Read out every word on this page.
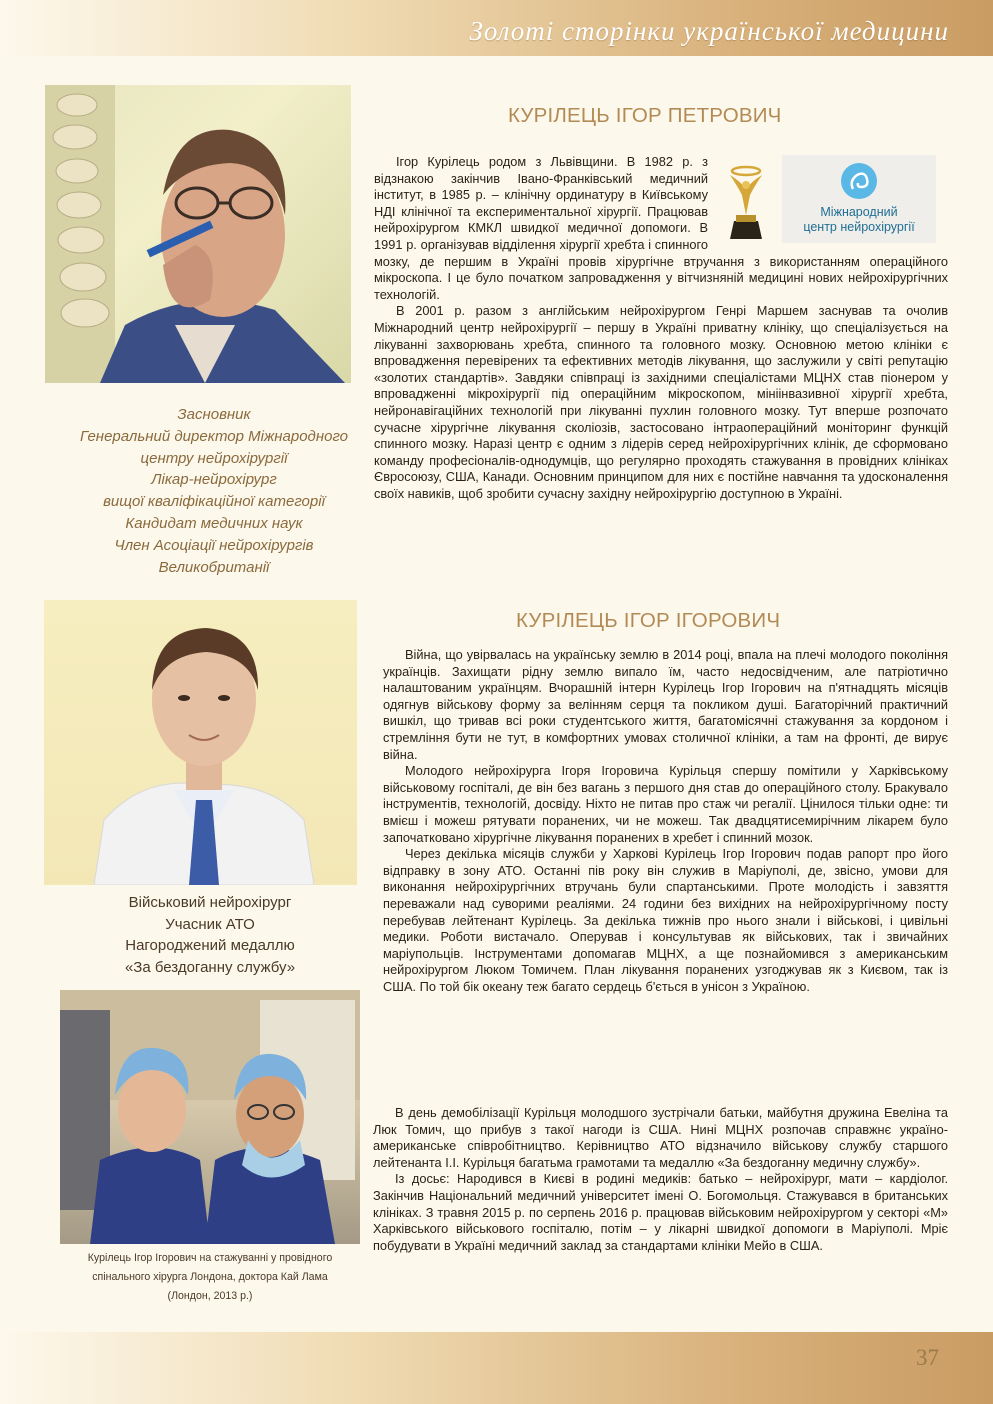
Золоті сторінки української медицини
Засновник
Генеральний директор Міжнародного
центру нейрохірургії
Лікар-нейрохірург
вищої кваліфікаційної категорії
Кандидат медичних наук
Член Асоціації нейрохірургів
Великобританії
Військовий нейрохірург
Учасник АТО
Нагороджений медаллю
«За бездоганну службу»
Курілець Ігор Ігорович на стажуванні у провідного
спінального хірурга Лондона, доктора Кай Лама
(Лондон, 2013 р.)
КУРІЛЕЦЬ ІГОР ПЕТРОВИЧ
Міжнародний
центр нейрохірургії

Ігор Курілець родом з Львівщини. В 1982 р. з відзнакою закінчив Івано-Франківський медичний інститут, в 1985 р. – клінічну ординатуру в Київському НДІ клінічної та експериментальної хірургії. Працював нейрохірургом КМКЛ швидкої медичної допомоги. В 1991 р. організував відділення хірургії хребта і спинного мозку, де першим в Україні провів хірургічне втручання з використанням операційного мікроскопа. І це було початком запровадження у вітчизняній медицині нових нейрохірургічних технологій.

В 2001 р. разом з англійським нейрохірургом Генрі Маршем заснував та очолив Міжнародний центр нейрохірургії – першу в Україні приватну клініку, що спеціалізується на лікуванні захворювань хребта, спинного та головного мозку. Основною метою клініки є впровадження перевірених та ефективних методів лікування, що заслужили у світі репутацію «золотих стандартів». Завдяки співпраці із західними спеціалістами МЦНХ став піонером у впровадженні мікрохірургії під операційним мікроскопом, мініінвазивної хірургії хребта, нейронавігаційних технологій при лікуванні пухлин головного мозку. Тут вперше розпочато сучасне хірургічне лікування сколіозів, застосовано інтраопераційний моніторинг функцій спинного мозку. Наразі центр є одним з лідерів серед нейрохірургічних клінік, де сформовано команду професіоналів-однодумців, що регулярно проходять стажування в провідних клініках Євросоюзу, США, Канади. Основним принципом для них є постійне навчання та удосконалення своїх навиків, щоб зробити сучасну західну нейрохірургію доступною в Україні.

КУРІЛЕЦЬ ІГОР ІГОРОВИЧ

Війна, що увірвалась на українську землю в 2014 році, впала на плечі молодого покоління українців. Захищати рідну землю випало їм, часто недосвідченим, але патріотично налаштованим українцям. Вчорашній інтерн Курілець Ігор Ігорович на п'ятнадцять місяців одягнув військову форму за велінням серця та покликом душі. Багаторічний практичний вишкіл, що тривав всі роки студентського життя, багатомісячні стажування за кордоном і стремління бути не тут, в комфортних умовах столичної клініки, а там на фронті, де вирує війна.

Молодого нейрохірурга Ігоря Ігоровича Курільця спершу помітили у Харківському військовому госпіталі, де він без вагань з першого дня став до операційного столу. Бракувало інструментів, технологій, досвіду. Ніхто не питав про стаж чи регалії. Цінилося тільки одне: ти вмієш і можеш рятувати поранених, чи не можеш. Так двадцятисемирічним лікарем було започатковано хірургічне лікування поранених в хребет і спинний мозок.

Через декілька місяців служби у Харкові Курілець Ігор Ігорович подав рапорт про його відправку в зону АТО. Останні пів року він служив в Маріуполі, де, звісно, умови для виконання нейрохірургічних втручань були спартанськими. Проте молодість і завзяття переважали над суворими реаліями. 24 години без вихідних на нейрохірургічному посту перебував лейтенант Курілець. За декілька тижнів про нього знали і військові, і цивільні медики. Роботи вистачало. Оперував і консультував як військових, так і звичайних маріупольців. Інструментами допомагав МЦНХ, а ще познайомився з американським нейрохірургом Люком Томичем. План лікування поранених узгоджував як з Києвом, так із США. По той бік океану теж багато сердець б'ється в унісон з Україною.

В день демобілізації Курільця молодшого зустрічали батьки, майбутня дружина Евеліна та Люк Томич, що прибув з такої нагоди із США. Нині МЦНХ розпочав справжнє україно-американське співробітництво. Керівництво АТО відзначило військову службу старшого лейтенанта І.І. Курільця багатьма грамотами та медаллю «За бездоганну медичну службу».

Із досьє: Народився в Києві в родині медиків: батько – нейрохірург, мати – кардіолог. Закінчив Національний медичний університет імені О. Богомольця. Стажувався в британських клініках. З травня 2015 р. по серпень 2016 р. працював військовим нейрохірургом у секторі «М» Харківського військового госпіталю, потім – у лікарні швидкої допомоги в Маріуполі. Мріє побудувати в Україні медичний заклад за стандартами клініки Мейо в США.

37
